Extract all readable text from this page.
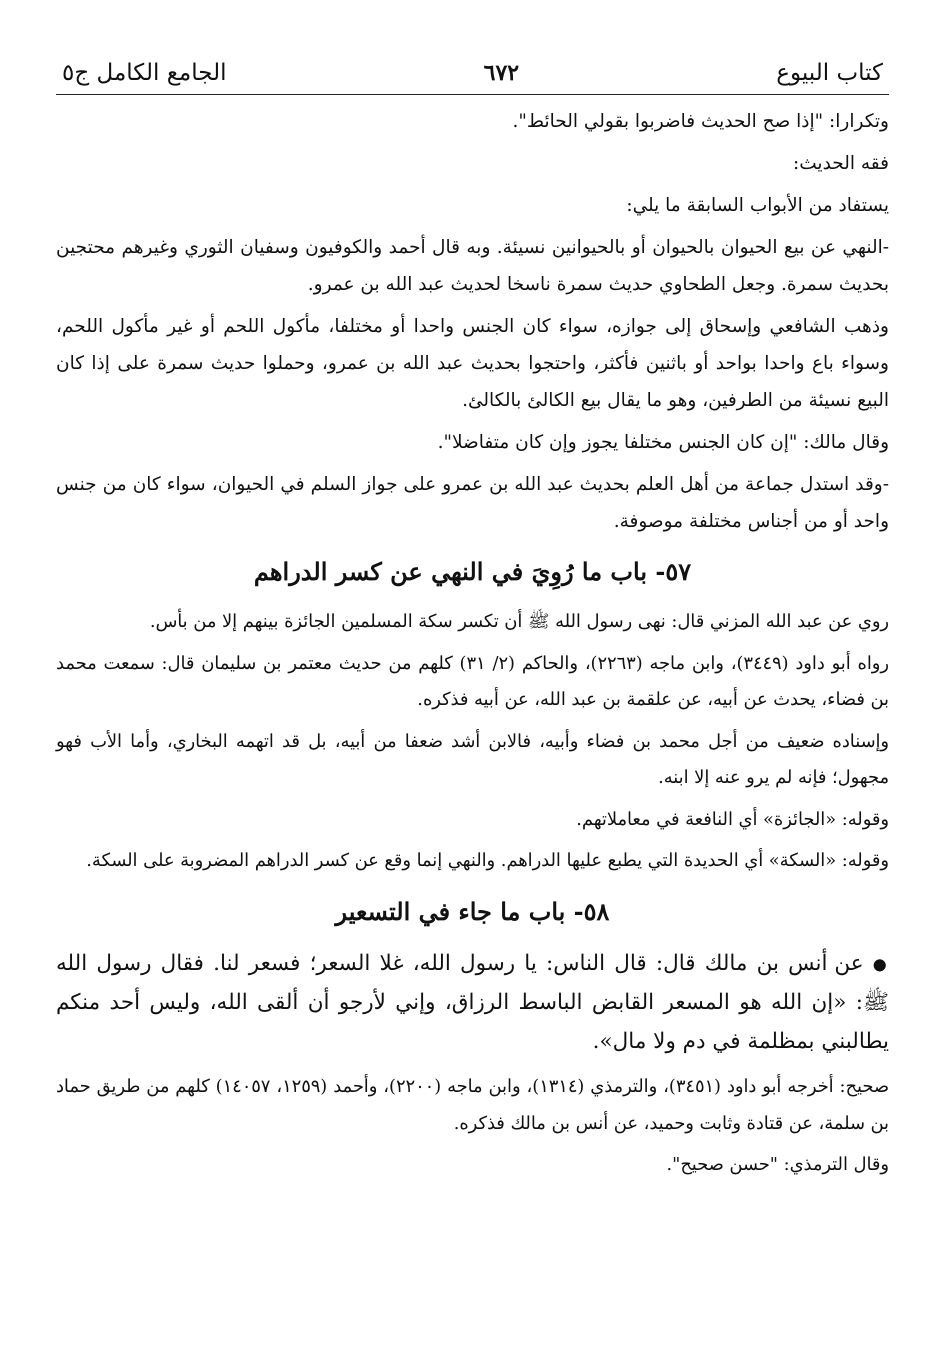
كتاب البيوع
٦٧٢
الجامع الكامل ج٥

وتكرارا: "إذا صح الحديث فاضربوا بقولي الحائط".

فقه الحديث:

يستفاد من الأبواب السابقة ما يلي:

-النهي عن بيع الحيوان بالحيوان أو بالحيوانين نسيئة. وبه قال أحمد والكوفيون وسفيان الثوري وغيرهم محتجين بحديث سمرة. وجعل الطحاوي حديث سمرة ناسخا لحديث عبد الله بن عمرو.

وذهب الشافعي وإسحاق إلى جوازه، سواء كان الجنس واحدا أو مختلفا، مأكول اللحم أو غير مأكول اللحم، وسواء باع واحدا بواحد أو باثنين فأكثر، واحتجوا بحديث عبد الله بن عمرو، وحملوا حديث سمرة على إذا كان البيع نسيئة من الطرفين، وهو ما يقال بيع الكالئ بالكالئ.

وقال مالك: "إن كان الجنس مختلفا يجوز وإن كان متفاضلا".

-وقد استدل جماعة من أهل العلم بحديث عبد الله بن عمرو على جواز السلم في الحيوان، سواء كان من جنس واحد أو من أجناس مختلفة موصوفة.

٥٧- باب ما رُوِيَ في النهي عن كسر الدراهم

روي عن عبد الله المزني قال: نهى رسول الله ﷺ أن تكسر سكة المسلمين الجائزة بينهم إلا من بأس.

رواه أبو داود (٣٤٤٩)، وابن ماجه (٢٢٦٣)، والحاكم (٢/ ٣١) كلهم من حديث معتمر بن سليمان قال: سمعت محمد بن فضاء، يحدث عن أبيه، عن علقمة بن عبد الله، عن أبيه فذكره.

وإسناده ضعيف من أجل محمد بن فضاء وأبيه، فالابن أشد ضعفا من أبيه، بل قد اتهمه البخاري، وأما الأب فهو مجهول؛ فإنه لم يرو عنه إلا ابنه.

وقوله: «الجائزة» أي النافعة في معاملاتهم.

وقوله: «السكة» أي الحديدة التي يطبع عليها الدراهم. والنهي إنما وقع عن كسر الدراهم المضروبة على السكة.

٥٨- باب ما جاء في التسعير

● عن أنس بن مالك قال: قال الناس: يا رسول الله، غلا السعر؛ فسعر لنا. فقال رسول الله ﷺ: «إن الله هو المسعر القابض الباسط الرزاق، وإني لأرجو أن ألقى الله، وليس أحد منكم يطالبني بمظلمة في دم ولا مال».

صحيح: أخرجه أبو داود (٣٤٥١)، والترمذي (١٣١٤)، وابن ماجه (٢٢٠٠)، وأحمد (١٢٥٩، ١٤٠٥٧) كلهم من طريق حماد بن سلمة، عن قتادة وثابت وحميد، عن أنس بن مالك فذكره.

وقال الترمذي: "حسن صحيح".
